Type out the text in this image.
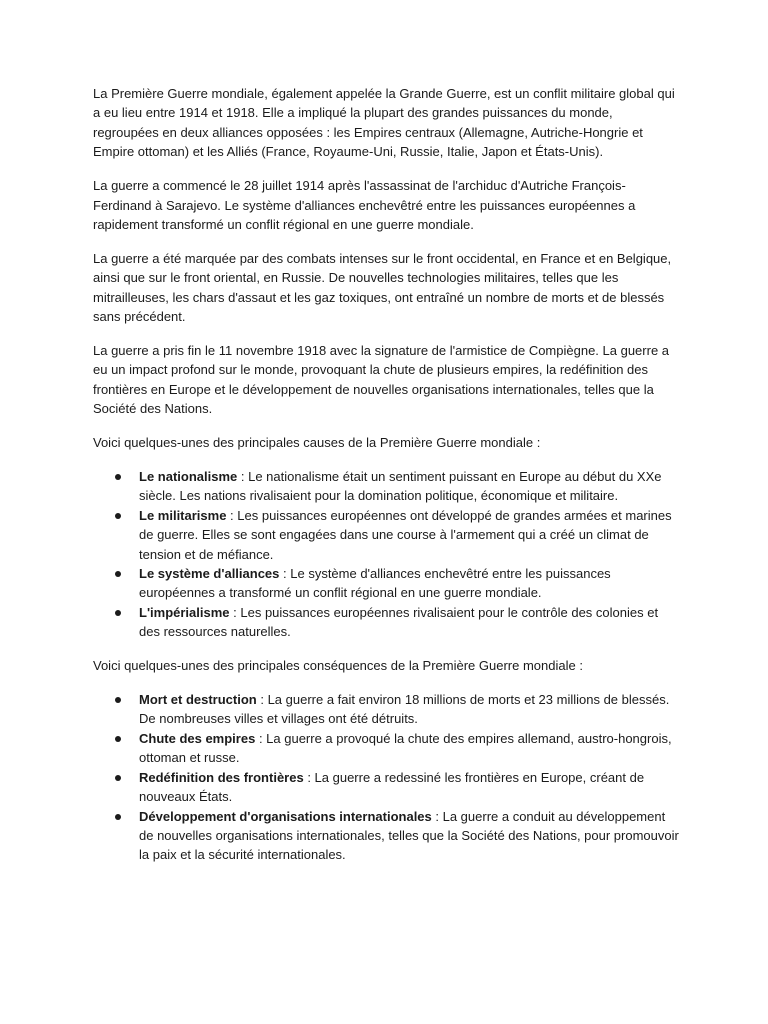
La Première Guerre mondiale, également appelée la Grande Guerre, est un conflit militaire global qui a eu lieu entre 1914 et 1918. Elle a impliqué la plupart des grandes puissances du monde, regroupées en deux alliances opposées : les Empires centraux (Allemagne, Autriche-Hongrie et Empire ottoman) et les Alliés (France, Royaume-Uni, Russie, Italie, Japon et États-Unis).

La guerre a commencé le 28 juillet 1914 après l'assassinat de l'archiduc d'Autriche François-Ferdinand à Sarajevo. Le système d'alliances enchevêtré entre les puissances européennes a rapidement transformé un conflit régional en une guerre mondiale.

La guerre a été marquée par des combats intenses sur le front occidental, en France et en Belgique, ainsi que sur le front oriental, en Russie. De nouvelles technologies militaires, telles que les mitrailleuses, les chars d'assaut et les gaz toxiques, ont entraîné un nombre de morts et de blessés sans précédent.

La guerre a pris fin le 11 novembre 1918 avec la signature de l'armistice de Compiègne. La guerre a eu un impact profond sur le monde, provoquant la chute de plusieurs empires, la redéfinition des frontières en Europe et le développement de nouvelles organisations internationales, telles que la Société des Nations.

Voici quelques-unes des principales causes de la Première Guerre mondiale :

Le nationalisme : Le nationalisme était un sentiment puissant en Europe au début du XXe siècle. Les nations rivalisaient pour la domination politique, économique et militaire.
Le militarisme : Les puissances européennes ont développé de grandes armées et marines de guerre. Elles se sont engagées dans une course à l'armement qui a créé un climat de tension et de méfiance.
Le système d'alliances : Le système d'alliances enchevêtré entre les puissances européennes a transformé un conflit régional en une guerre mondiale.
L'impérialisme : Les puissances européennes rivalisaient pour le contrôle des colonies et des ressources naturelles.

Voici quelques-unes des principales conséquences de la Première Guerre mondiale :

Mort et destruction : La guerre a fait environ 18 millions de morts et 23 millions de blessés. De nombreuses villes et villages ont été détruits.
Chute des empires : La guerre a provoqué la chute des empires allemand, austro-hongrois, ottoman et russe.
Redéfinition des frontières : La guerre a redessiné les frontières en Europe, créant de nouveaux États.
Développement d'organisations internationales : La guerre a conduit au développement de nouvelles organisations internationales, telles que la Société des Nations, pour promouvoir la paix et la sécurité internationales.
